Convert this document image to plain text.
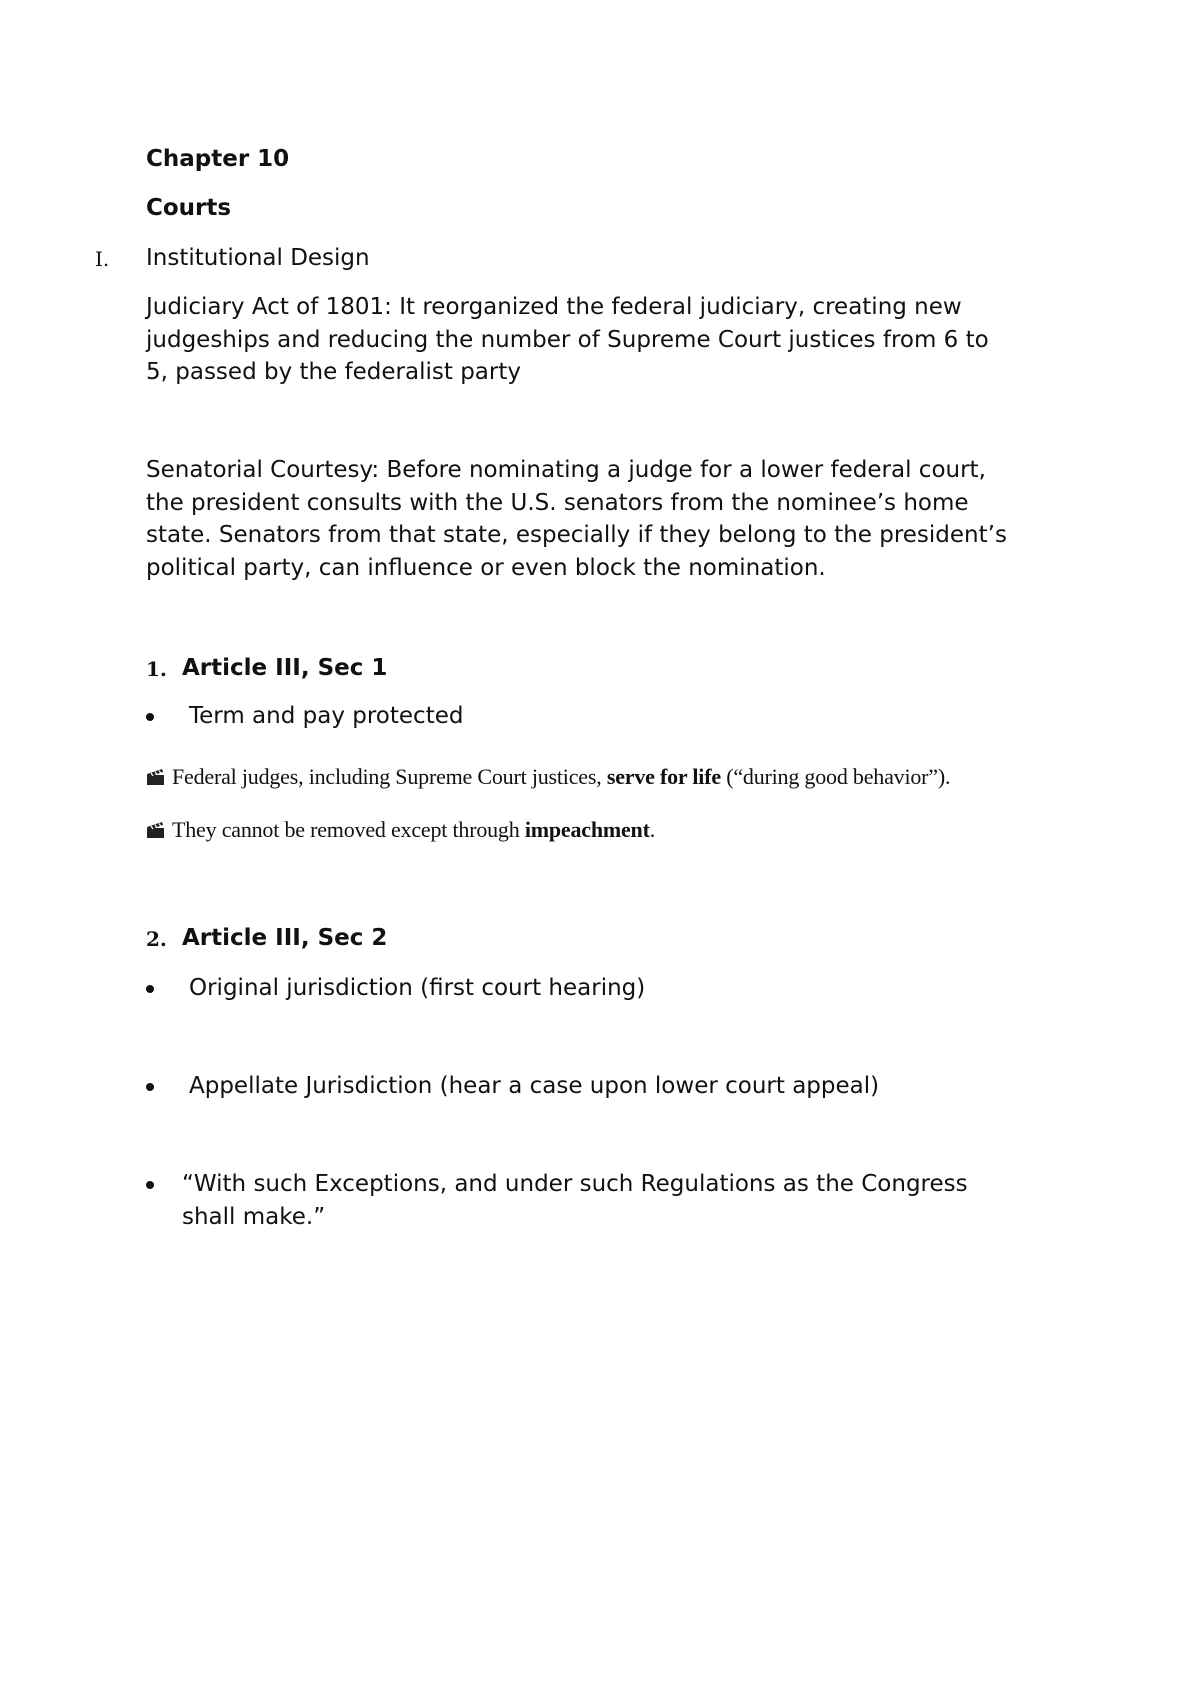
Chapter 10
Courts
I. Institutional Design

Judiciary Act of 1801: It reorganized the federal judiciary, creating new

judgeships and reducing the number of Supreme Court justices from 6 to

5, passed by the federalist party

Senatorial Courtesy: Before nominating a judge for a lower federal court,

the president consults with the U.S. senators from the nominee’s home

state. Senators from that state, especially if they belong to the president’s

political party, can influence or even block the nomination.

1. Article III, Sec 1
Term and pay protected
Federal judges, including Supreme Court justices, serve for life (“during good behavior”).
They cannot be removed except through impeachment.
2. Article III, Sec 2
Original jurisdiction (first court hearing)
Appellate Jurisdiction (hear a case upon lower court appeal)

“With such Exceptions, and under such Regulations as the Congress

shall make.”
